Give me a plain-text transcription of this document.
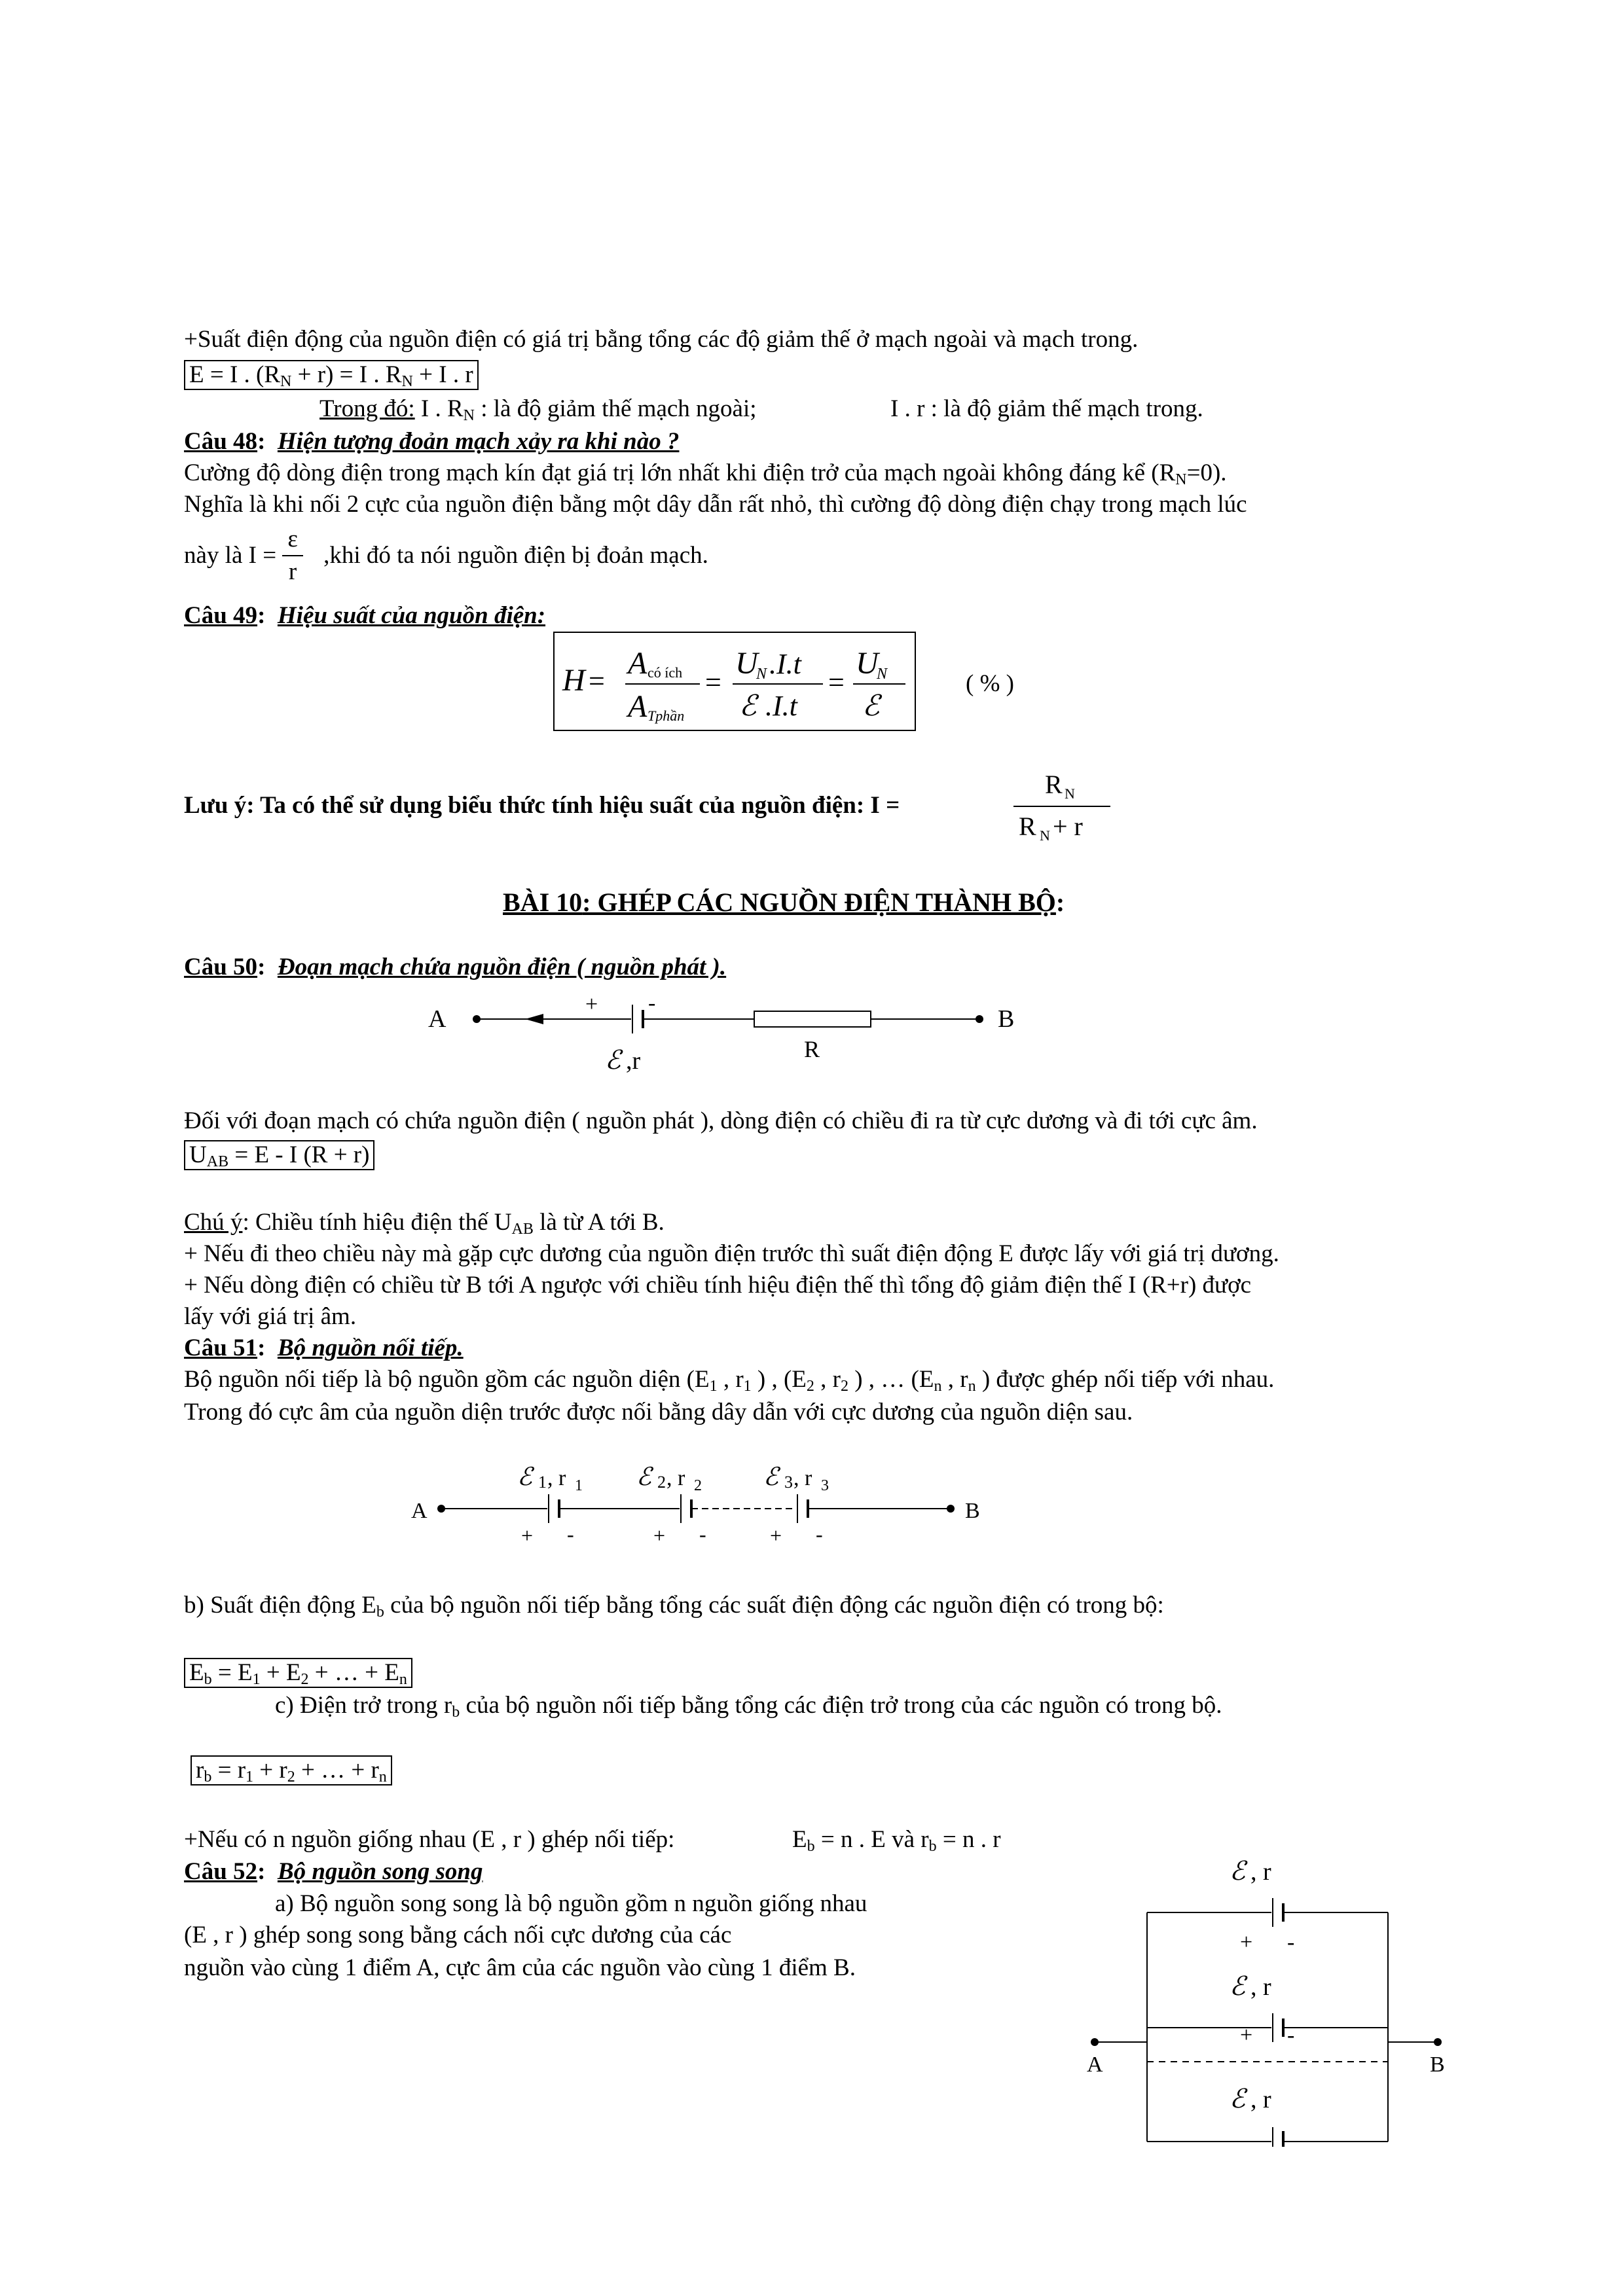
+Suất điện động của nguồn điện có giá trị bằng tổng các độ giảm thế ở mạch ngoài và mạch trong.
E = I . $(R_N + r) = I$ . $R_N + I$ . r
Trong đó: I . $R_N$ : là độ giảm thế mạch ngoài;	I . r : là độ giảm thế mạch trong.
Câu 48: Hiện tượng đoản mạch xảy ra khi nào ?
Cường độ dòng điện trong mạch kín đạt giá trị lớn nhất khi điện trở của mạch ngoài không đáng kể $(R_N=0)$.
Nghĩa là khi nối 2 cực của nguồn điện bằng một dây dẫn rất nhỏ, thì cường độ dòng điện chạy trong mạch lúc
này là $I = \frac{\varepsilon}{r} ,khi$ đó ta nói nguồn điện bị đoản mạch.
Câu 49: Hiệu suất của nguồn điện:
H =
A có ích
A Tphần
=
U
N .I.t
ℰ .I.t
=
U
N
ℰ
( % )
Lưu ý: Ta có thể sử dụng biểu thức tính hiệu suất của nguồn điện: I =
R N
R N + r
BÀI 10: GHÉP CÁC NGUỒN ĐIỆN THÀNH BỘ:
Câu 50: Đoạn mạch chứa nguồn điện ( nguồn phát ).
A
+ -
B
ℰ ,r	R
Đối với đoạn mạch có chứa nguồn điện ( nguồn phát ), dòng điện có chiều đi ra từ cực dương và đi tới cực âm.
$U_{AB} = E - I$ (R + r)
Chú ý: Chiều tính hiệu điện thế $U_{AB}$ là từ A tới B.
+ Nếu đi theo chiều này mà gặp cực dương của nguồn điện trước thì suất điện động E được lấy với giá trị dương.
+ Nếu dòng điện có chiều từ B tới A ngược với chiều tính hiệu điện thế thì tổng độ giảm điện thế I (R+r) được
lấy với giá trị âm.
Câu 51: Bộ nguồn nối tiếp.
Bộ nguồn nối tiếp là bộ nguồn gồm các nguồn diện ($E_1$ , $r_1$ ) , ($E_2$ , $r_2$ ) , … ($E_n$ , $r_n$ ) được ghép nối tiếp với nhau.
Trong đó cực âm của nguồn diện trước được nối bằng dây dẫn với cực dương của nguồn diện sau.
A	B
+ -	+ -	+ -
ℰ 1 , r 1 ℰ 2 , r 2 ℰ 3 , r 3
b) Suất điện động $E_b$ của bộ nguồn nối tiếp bằng tổng các suất điện động các nguồn điện có trong bộ:
$E_b = E_1 + E_2$ + … + $E_n$
c) Điện trở trong $r_b$ của bộ nguồn nối tiếp bằng tổng các điện trở trong của các nguồn có trong bộ.
$r_b = r_1 + r_2$ + … + $r_n$
+Nếu có n nguồn giống nhau (E , r ) ghép nối tiếp:	$E_b = n$ . E và $r_b = n$ . r
Câu 52: Bộ nguồn song song
a) Bộ nguồn song song là bộ nguồn gồm n nguồn giống nhau
(E , r ) ghép song song bằng cách nối cực dương của các
nguồn vào cùng 1 điểm A, cực âm của các nguồn vào cùng 1 điểm B.
ℰ , r
+ -
ℰ , r
+ -
A	B
ℰ , r
